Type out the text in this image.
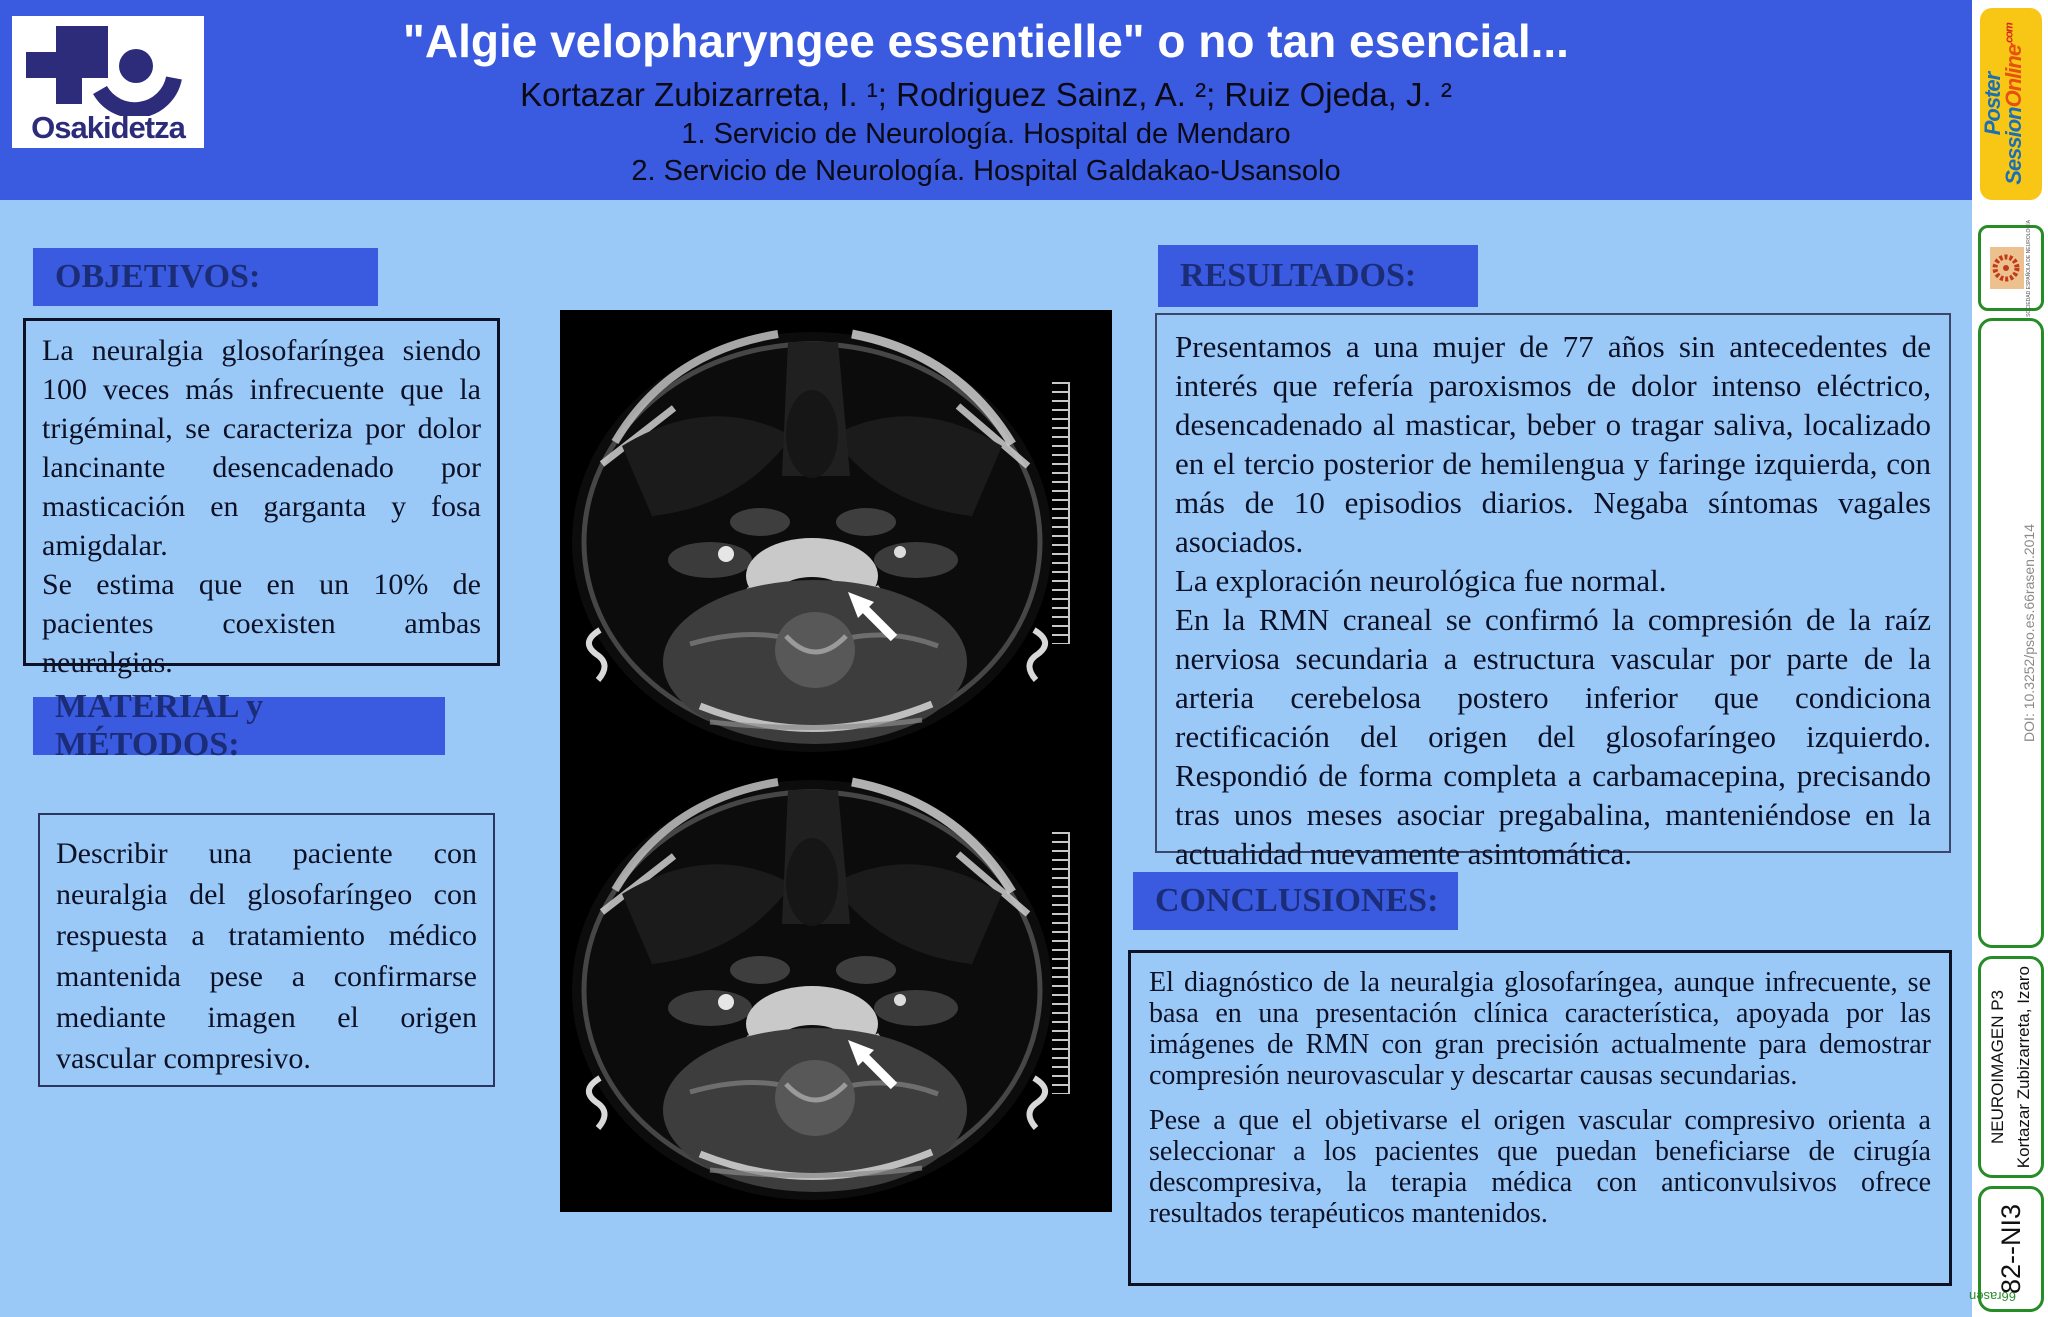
Osakidetza
"Algie velopharyngee essentielle" o no tan esencial...
Kortazar Zubizarreta, I. ¹; Rodriguez Sainz, A. ²; Ruiz Ojeda, J. ²
1. Servicio de Neurología. Hospital de Mendaro
2. Servicio de Neurología. Hospital Galdakao-Usansolo
OBJETIVOS:

La neuralgia glosofaríngea siendo 100 veces más infrecuente que la trigéminal, se caracteriza por dolor lancinante desencadenado por masticación en garganta y fosa amigdalar.

Se estima que en un 10% de pacientes coexisten ambas neuralgias.

MATERIAL y MÉTODOS:

Describir una paciente con neuralgia del glosofaríngeo con respuesta a tratamiento médico mantenida pese a confirmarse mediante imagen el origen vascular compresivo.

RESULTADOS:

Presentamos a una mujer de 77 años sin antecedentes de interés que refería paroxismos de dolor intenso eléctrico, desencadenado al masticar, beber o tragar saliva, localizado en el tercio posterior de hemilengua y faringe izquierda, con más de 10 episodios diarios. Negaba síntomas vagales asociados.

La exploración neurológica fue normal.

En la RMN craneal se confirmó la compresión de la raíz nerviosa secundaria a estructura vascular por parte de la arteria cerebelosa postero inferior que condiciona rectificación del origen del glosofaríngeo izquierdo. Respondió de forma completa a carbamacepina, precisando tras unos meses asociar pregabalina, manteniéndose en la actualidad nuevamente asintomática.

CONCLUSIONES:

El diagnóstico de la neuralgia glosofaríngea, aunque infrecuente, se basa en una presentación clínica característica, apoyada por las imágenes de RMN con gran precisión actualmente para demostrar compresión neurovascular y descartar causas secundarias.

Pese a que el objetivarse el origen vascular compresivo orienta a seleccionar a los pacientes que puedan beneficiarse de cirugía descompresiva, la terapia médica con anticonvulsivos ofrece resultados terapéuticos mantenidos.

Poster
SessionOnline$^{.com}$
SOCIEDAD ESPAÑOLA DE NEUROLOGÍA
DOI: 10.3252/pso.es.66rasen.2014
NEUROIMAGEN P3 Kortazar Zubizarreta, Izaro
82--NI3
66rasen
